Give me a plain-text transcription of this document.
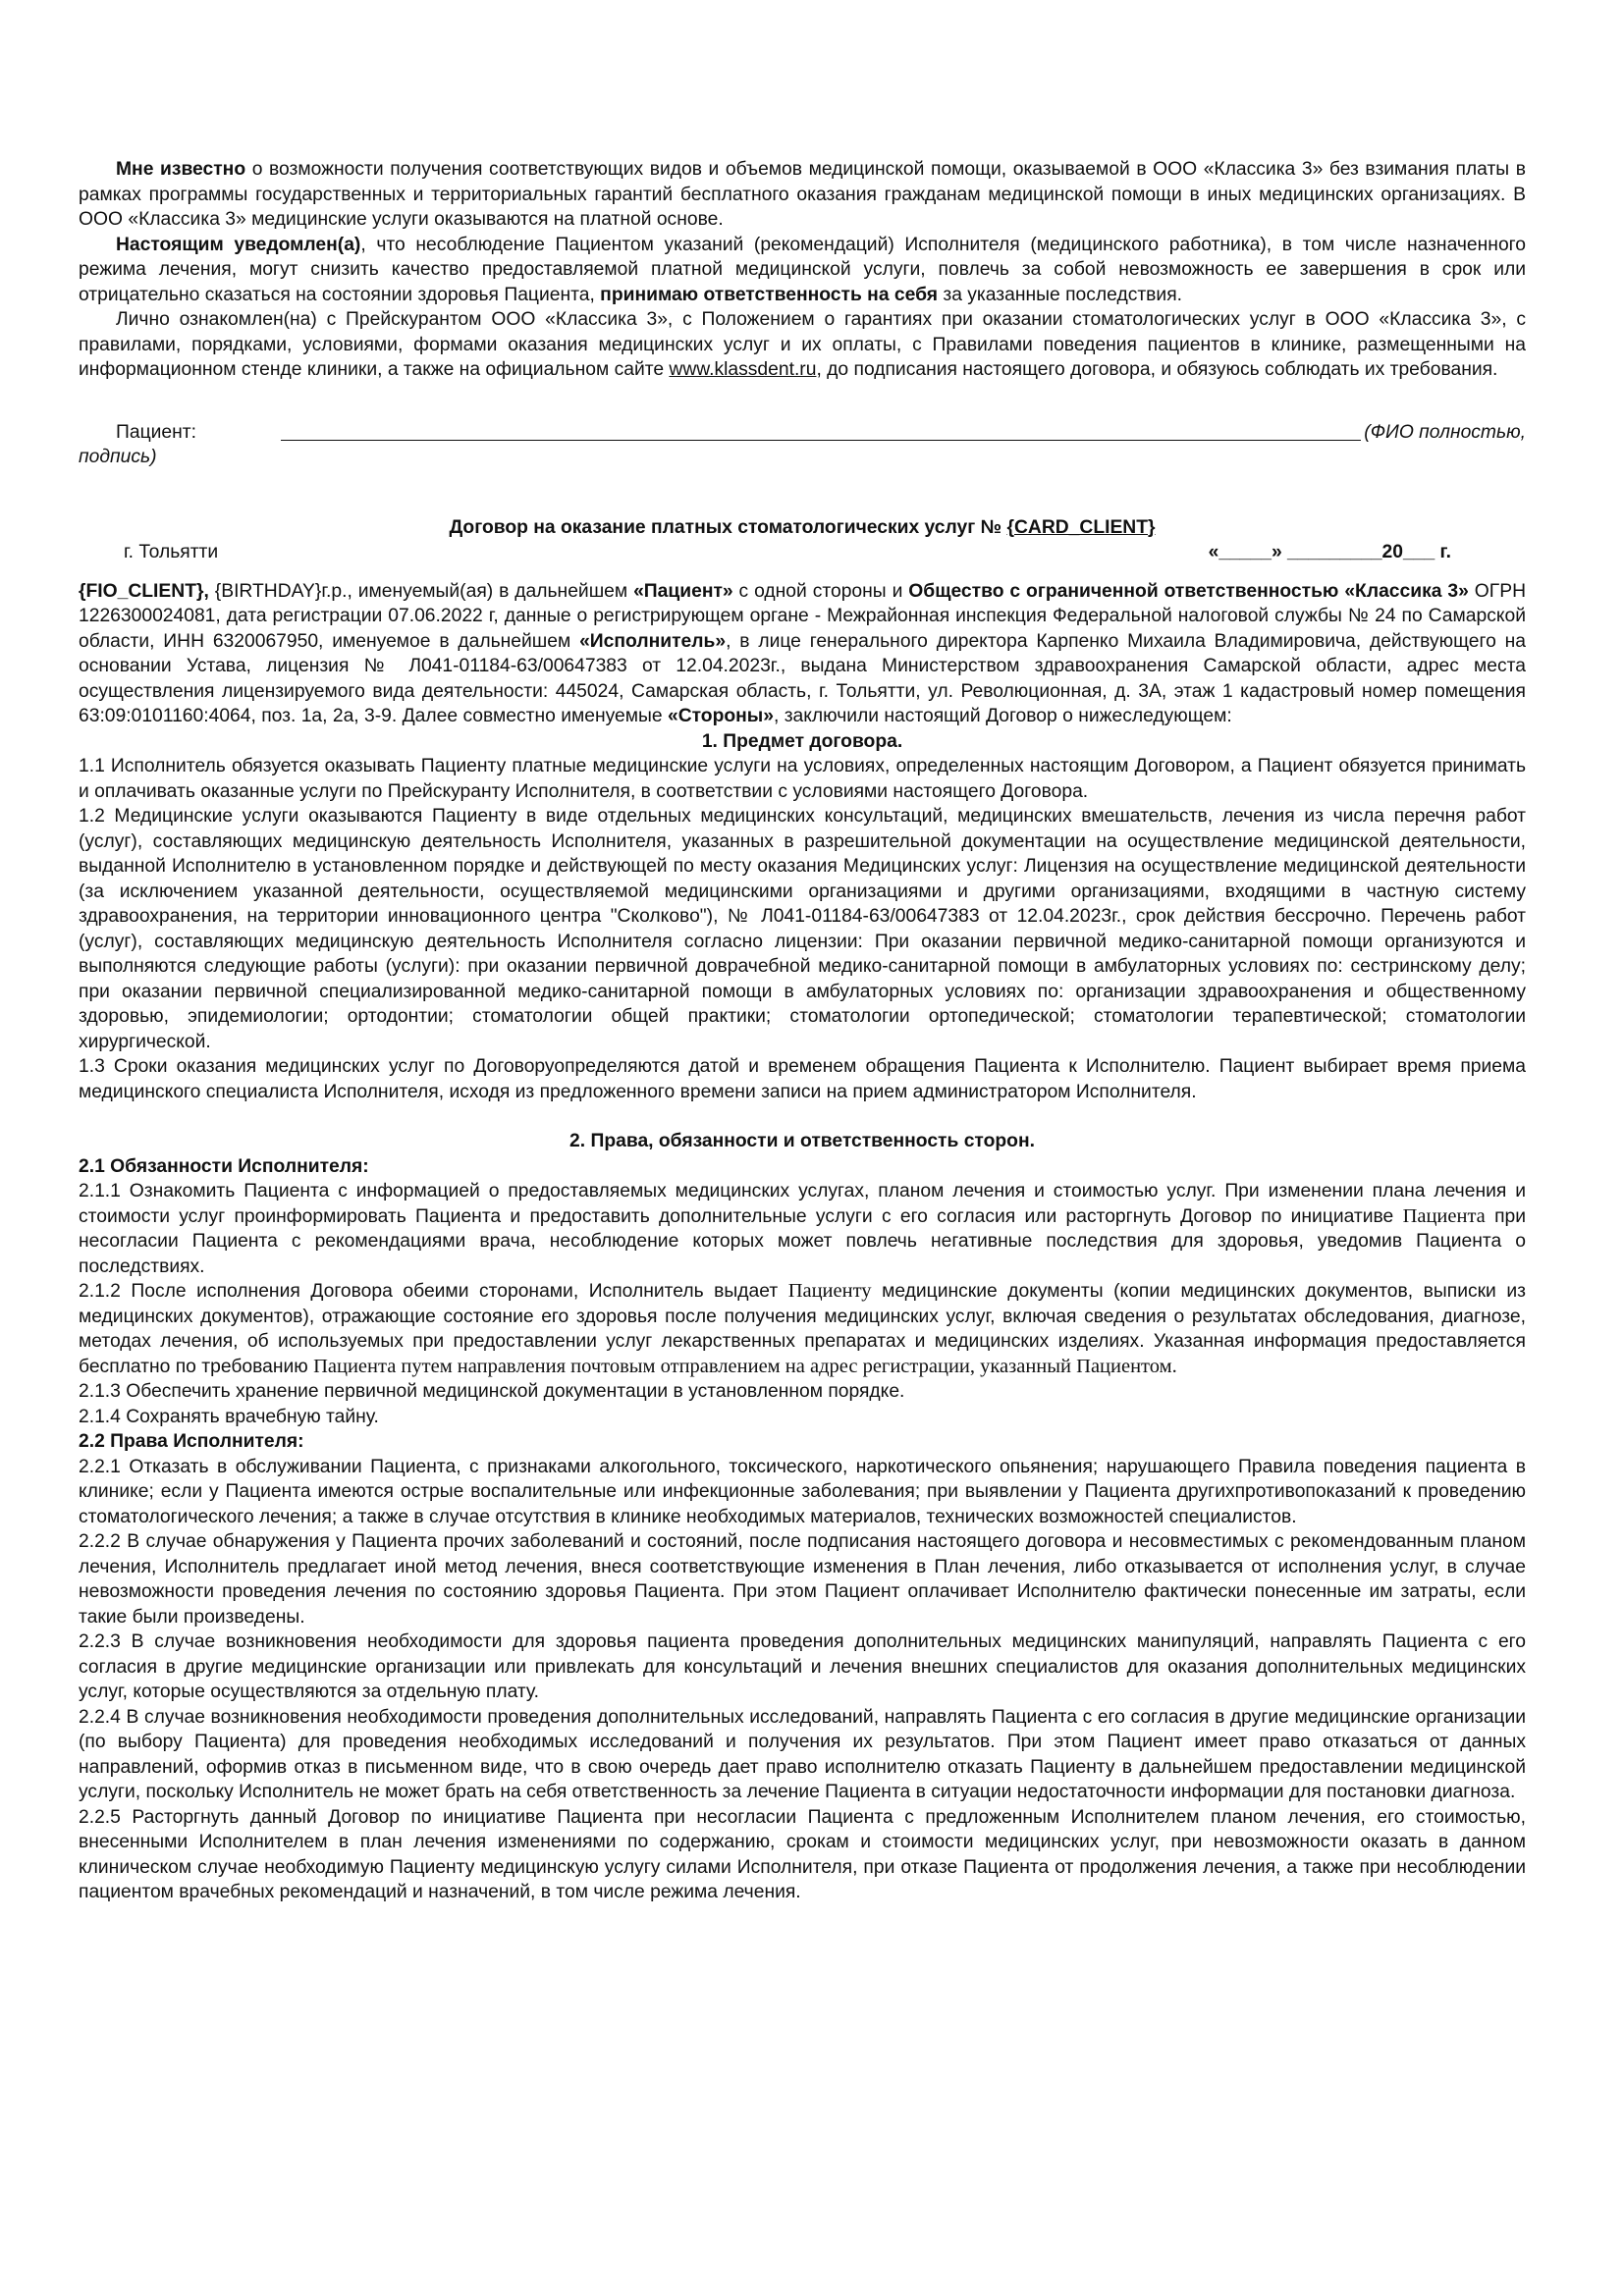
Мне известно о возможности получения соответствующих видов и объемов медицинской помощи, оказываемой в ООО «Классика 3» без взимания платы в рамках программы государственных и территориальных гарантий бесплатного оказания гражданам медицинской помощи в иных медицинских организациях. В ООО «Классика 3» медицинские услуги оказываются на платной основе.

Настоящим уведомлен(а), что несоблюдение Пациентом указаний (рекомендаций) Исполнителя (медицинского работника), в том числе назначенного режима лечения, могут снизить качество предоставляемой платной медицинской услуги, повлечь за собой невозможность ее завершения в срок или отрицательно сказаться на состоянии здоровья Пациента, принимаю ответственность на себя за указанные последствия.

Лично ознакомлен(на) с Прейскурантом ООО «Классика 3», с Положением о гарантиях при оказании стоматологических услуг в ООО «Классика 3», с правилами, порядками, условиями, формами оказания медицинских услуг и их оплаты, с Правилами поведения пациентов в клинике, размещенными на информационном стенде клиники, а также на официальном сайте www.klassdent.ru, до подписания настоящего договора, и обязуюсь соблюдать их требования.

Пациент:	(ФИО полностью,
подпись)
Договор на оказание платных стоматологических услуг № {CARD_CLIENT}
г. Тольятти	«_____» _________20___ г.

{FIO_CLIENT}, {BIRTHDAY}г.р., именуемый(ая) в дальнейшем «Пациент» с одной стороны и Общество с ограниченной ответственностью «Классика 3» ОГРН 1226300024081, дата регистрации 07.06.2022 г, данные о регистрирующем органе - Межрайонная инспекция Федеральной налоговой службы № 24 по Самарской области, ИНН 6320067950, именуемое в дальнейшем «Исполнитель», в лице генерального директора Карпенко Михаила Владимировича, действующего на основании Устава, лицензия № Л041-01184-63/00647383 от 12.04.2023г., выдана Министерством здравоохранения Самарской области, адрес места осуществления лицензируемого вида деятельности: 445024, Самарская область, г. Тольятти, ул. Революционная, д. 3А, этаж 1 кадастровый номер помещения 63:09:0101160:4064, поз. 1а, 2а, 3-9. Далее совместно именуемые «Стороны», заключили настоящий Договор о нижеследующем:

1. Предмет договора.

1.1 Исполнитель обязуется оказывать Пациенту платные медицинские услуги на условиях, определенных настоящим Договором, а Пациент обязуется принимать и оплачивать оказанные услуги по Прейскуранту Исполнителя, в соответствии с условиями настоящего Договора.

1.2 Медицинские услуги оказываются Пациенту в виде отдельных медицинских консультаций, медицинских вмешательств, лечения из числа перечня работ (услуг), составляющих медицинскую деятельность Исполнителя, указанных в разрешительной документации на осуществление медицинской деятельности, выданной Исполнителю в установленном порядке и действующей по месту оказания Медицинских услуг: Лицензия на осуществление медицинской деятельности (за исключением указанной деятельности, осуществляемой медицинскими организациями и другими организациями, входящими в частную систему здравоохранения, на территории инновационного центра "Сколково"), № Л041-01184-63/00647383 от 12.04.2023г., срок действия бессрочно. Перечень работ (услуг), составляющих медицинскую деятельность Исполнителя согласно лицензии: При оказании первичной медико-санитарной помощи организуются и выполняются следующие работы (услуги): при оказании первичной доврачебной медико-санитарной помощи в амбулаторных условиях по: сестринскому делу; при оказании первичной специализированной медико-санитарной помощи в амбулаторных условиях по: организации здравоохранения и общественному здоровью, эпидемиологии; ортодонтии; стоматологии общей практики; стоматологии ортопедической; стоматологии терапевтической; стоматологии хирургической.

1.3 Сроки оказания медицинских услуг по Договоруопределяются датой и временем обращения Пациента к Исполнителю. Пациент выбирает время приема медицинского специалиста Исполнителя, исходя из предложенного времени записи на прием администратором Исполнителя.

2. Права, обязанности и ответственность сторон.

2.1 Обязанности Исполнителя:

2.1.1 Ознакомить Пациента с информацией о предоставляемых медицинских услугах, планом лечения и стоимостью услуг. При изменении плана лечения и стоимости услуг проинформировать Пациента и предоставить дополнительные услуги с его согласия или расторгнуть Договор по инициативе Пациента при несогласии Пациента с рекомендациями врача, несоблюдение которых может повлечь негативные последствия для здоровья, уведомив Пациента о последствиях.

2.1.2 После исполнения Договора обеими сторонами, Исполнитель выдает Пациенту медицинские документы (копии медицинских документов, выписки из медицинских документов), отражающие состояние его здоровья после получения медицинских услуг, включая сведения о результатах обследования, диагнозе, методах лечения, об используемых при предоставлении услуг лекарственных препаратах и медицинских изделиях. Указанная информация предоставляется бесплатно по требованию Пациента путем направления почтовым отправлением на адрес регистрации, указанный Пациентом.

2.1.3 Обеспечить хранение первичной медицинской документации в установленном порядке.

2.1.4 Сохранять врачебную тайну.

2.2 Права Исполнителя:

2.2.1 Отказать в обслуживании Пациента, с признаками алкогольного, токсического, наркотического опьянения; нарушающего Правила поведения пациента в клинике; если у Пациента имеются острые воспалительные или инфекционные заболевания; при выявлении у Пациента другихпротивопоказаний к проведению стоматологического лечения; а также в случае отсутствия в клинике необходимых материалов, технических возможностей специалистов.

2.2.2 В случае обнаружения у Пациента прочих заболеваний и состояний, после подписания настоящего договора и несовместимых с рекомендованным планом лечения, Исполнитель предлагает иной метод лечения, внеся соответствующие изменения в План лечения, либо отказывается от исполнения услуг, в случае невозможности проведения лечения по состоянию здоровья Пациента. При этом Пациент оплачивает Исполнителю фактически понесенные им затраты, если такие были произведены.

2.2.3 В случае возникновения необходимости для здоровья пациента проведения дополнительных медицинских манипуляций, направлять Пациента с его согласия в другие медицинские организации или привлекать для консультаций и лечения внешних специалистов для оказания дополнительных медицинских услуг, которые осуществляются за отдельную плату.

2.2.4 В случае возникновения необходимости проведения дополнительных исследований, направлять Пациента с его согласия в другие медицинские организации (по выбору Пациента) для проведения необходимых исследований и получения их результатов. При этом Пациент имеет право отказаться от данных направлений, оформив отказ в письменном виде, что в свою очередь дает право исполнителю отказать Пациенту в дальнейшем предоставлении медицинской услуги, поскольку Исполнитель не может брать на себя ответственность за лечение Пациента в ситуации недостаточности информации для постановки диагноза.

2.2.5 Расторгнуть данный Договор по инициативе Пациента при несогласии Пациента с предложенным Исполнителем планом лечения, его стоимостью, внесенными Исполнителем в план лечения изменениями по содержанию, срокам и стоимости медицинских услуг, при невозможности оказать в данном клиническом случае необходимую Пациенту медицинскую услугу силами Исполнителя, при отказе Пациента от продолжения лечения, а также при несоблюдении пациентом врачебных рекомендаций и назначений, в том числе режима лечения.
